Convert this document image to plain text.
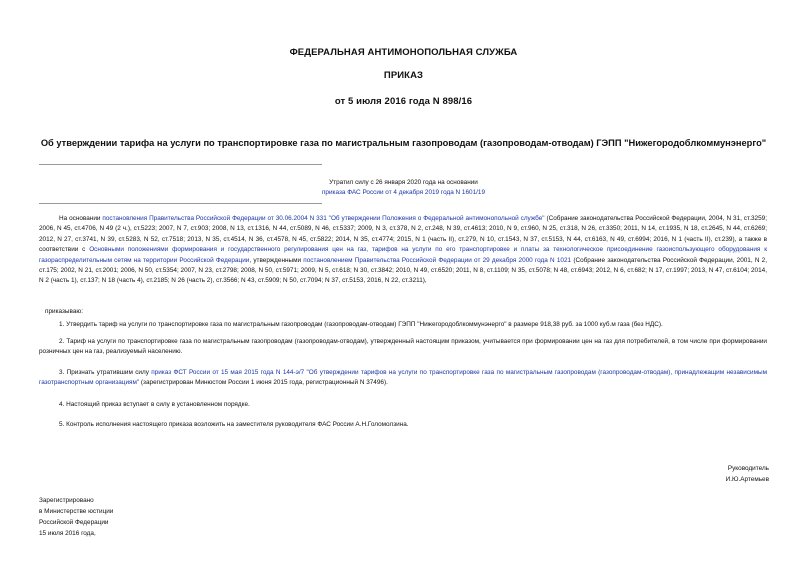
ФЕДЕРАЛЬНАЯ АНТИМОНОПОЛЬНАЯ СЛУЖБА
ПРИКАЗ
от 5 июля 2016 года N 898/16
Об утверждении тарифа на услуги по транспортировке газа по магистральным газопроводам (газопроводам-отводам) ГЭПП "Нижегородоблкоммунэнерго"
Утратил силу с 26 января 2020 года на основании
приказа ФАС России от 4 декабря 2019 года N 1601/19
На основании постановления Правительства Российской Федерации от 30.06.2004 N 331 "Об утверждении Положения о Федеральной антимонопольной службе" (Собрание законодательства Российской Федерации, 2004, N 31, ст.3259; 2006, N 45, ст.4706, N 49 (2 ч.), ст.5223; 2007, N 7, ст.903; 2008, N 13, ст.1316, N 44, ст.5089, N 46, ст.5337; 2009, N 3, ст.378, N 2, ст.248, N 39, ст.4613; 2010, N 9, ст.960, N 25, ст.318, N 26, ст.3350; 2011, N 14, ст.1935, N 18, ст.2645, N 44, ст.6269; 2012, N 27, ст.3741, N 39, ст.5283, N 52, ст.7518; 2013, N 35, ст.4514, N 36, ст.4578, N 45, ст.5822; 2014, N 35, ст.4774; 2015, N 1 (часть II), ст.279, N 10, ст.1543, N 37, ст.5153, N 44, ст.6163, N 49, ст.6994; 2016, N 1 (часть II), ст.239), а также в соответствии с Основными положениями формирования и государственного регулирования цен на газ, тарифов на услуги по его транспортировке и платы за технологическое присоединение газоиспользующего оборудования к газораспределительным сетям на территории Российской Федерации, утвержденными постановлением Правительства Российской Федерации от 29 декабря 2000 года N 1021 (Собрание законодательства Российской Федерации, 2001, N 2, ст.175; 2002, N 21, ст.2001; 2006, N 50, ст.5354; 2007, N 23, ст.2798; 2008, N 50, ст.5971; 2009, N 5, ст.618; N 30, ст.3842; 2010, N 49, ст.6520; 2011, N 8, ст.1109; N 35, ст.5078; N 48, ст.6943; 2012, N 6, ст.682; N 17, ст.1997; 2013, N 47, ст.6104; 2014, N 2 (часть 1), ст.137; N 18 (часть 4), ст.2185; N 26 (часть 2), ст.3566; N 43, ст.5909; N 50, ст.7094; N 37, ст.5153, 2016, N 22, ст.3211),
приказываю:
1. Утвердить тариф на услуги по транспортировке газа по магистральным газопроводам (газопроводам-отводам) ГЭПП "Нижегородоблкоммунэнерго" в размере 918,38 руб. за 1000 куб.м газа (без НДС).
2. Тариф на услуги по транспортировке газа по магистральным газопроводам (газопроводам-отводам), утвержденный настоящим приказом, учитывается при формировании цен на газ для потребителей, в том числе при формировании розничных цен на газ, реализуемый населению.
3. Признать утратившим силу приказ ФСТ России от 15 мая 2015 года N 144-э/7 "Об утверждении тарифов на услуги по транспортировке газа по магистральным газопроводам (газопроводам-отводам), принадлежащим независимым газотранспортным организациям" (зарегистрирован Минюстом России 1 июня 2015 года, регистрационный N 37496).
4. Настоящий приказ вступает в силу в установленном порядке.
5. Контроль исполнения настоящего приказа возложить на заместителя руководителя ФАС России А.Н.Голомолзина.
Руководитель
И.Ю.Артемьев
Зарегистрировано
в Министерстве юстиции
Российской Федерации
15 июля 2016 года,
